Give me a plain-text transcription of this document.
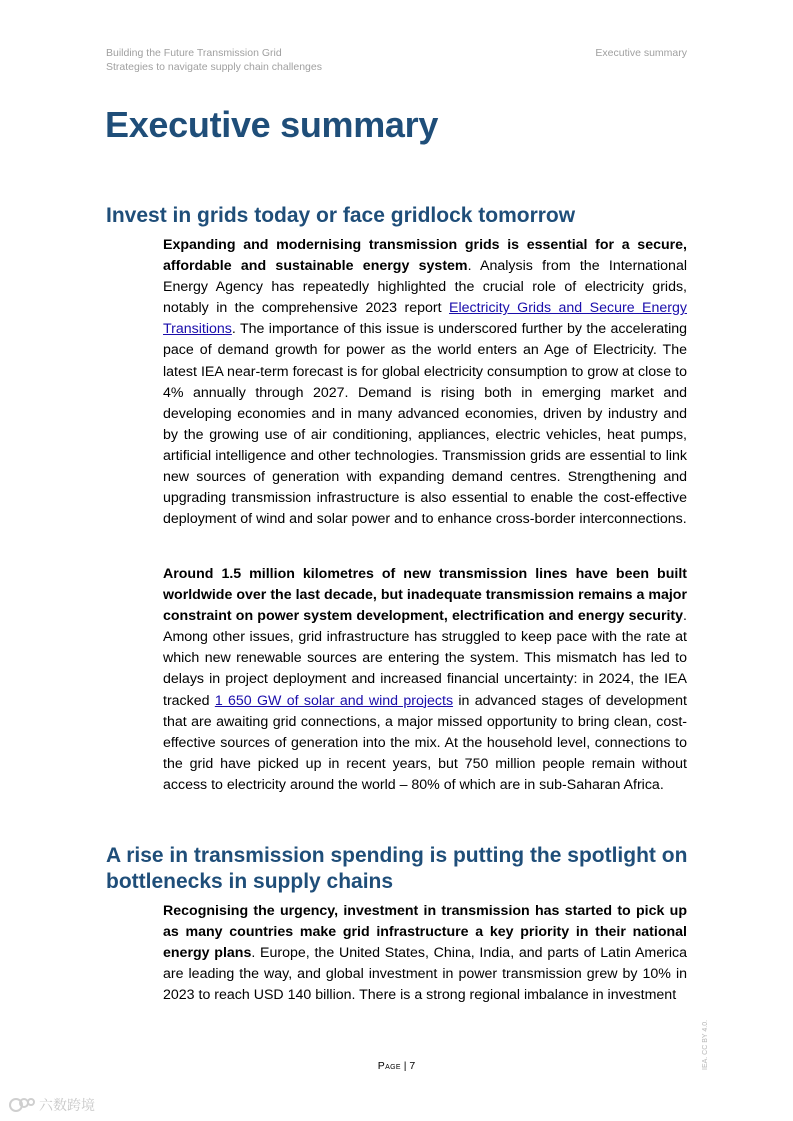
Building the Future Transmission Grid
Strategies to navigate supply chain challenges
Executive summary
Executive summary
Invest in grids today or face gridlock tomorrow

Expanding and modernising transmission grids is essential for a secure, affordable and sustainable energy system. Analysis from the International Energy Agency has repeatedly highlighted the crucial role of electricity grids, notably in the comprehensive 2023 report Electricity Grids and Secure Energy Transitions. The importance of this issue is underscored further by the accelerating pace of demand growth for power as the world enters an Age of Electricity. The latest IEA near-term forecast is for global electricity consumption to grow at close to 4% annually through 2027. Demand is rising both in emerging market and developing economies and in many advanced economies, driven by industry and by the growing use of air conditioning, appliances, electric vehicles, heat pumps, artificial intelligence and other technologies. Transmission grids are essential to link new sources of generation with expanding demand centres. Strengthening and upgrading transmission infrastructure is also essential to enable the cost-effective deployment of wind and solar power and to enhance cross-border interconnections.

Around 1.5 million kilometres of new transmission lines have been built worldwide over the last decade, but inadequate transmission remains a major constraint on power system development, electrification and energy security. Among other issues, grid infrastructure has struggled to keep pace with the rate at which new renewable sources are entering the system. This mismatch has led to delays in project deployment and increased financial uncertainty: in 2024, the IEA tracked 1 650 GW of solar and wind projects in advanced stages of development that are awaiting grid connections, a major missed opportunity to bring clean, cost-effective sources of generation into the mix. At the household level, connections to the grid have picked up in recent years, but 750 million people remain without access to electricity around the world – 80% of which are in sub-Saharan Africa.

A rise in transmission spending is putting the spotlight on bottlenecks in supply chains

Recognising the urgency, investment in transmission has started to pick up as many countries make grid infrastructure a key priority in their national energy plans. Europe, the United States, China, India, and parts of Latin America are leading the way, and global investment in power transmission grew by 10% in 2023 to reach USD 140 billion. There is a strong regional imbalance in investment

Page | 7	IEA. CC BY 4.0.
六数跨境
